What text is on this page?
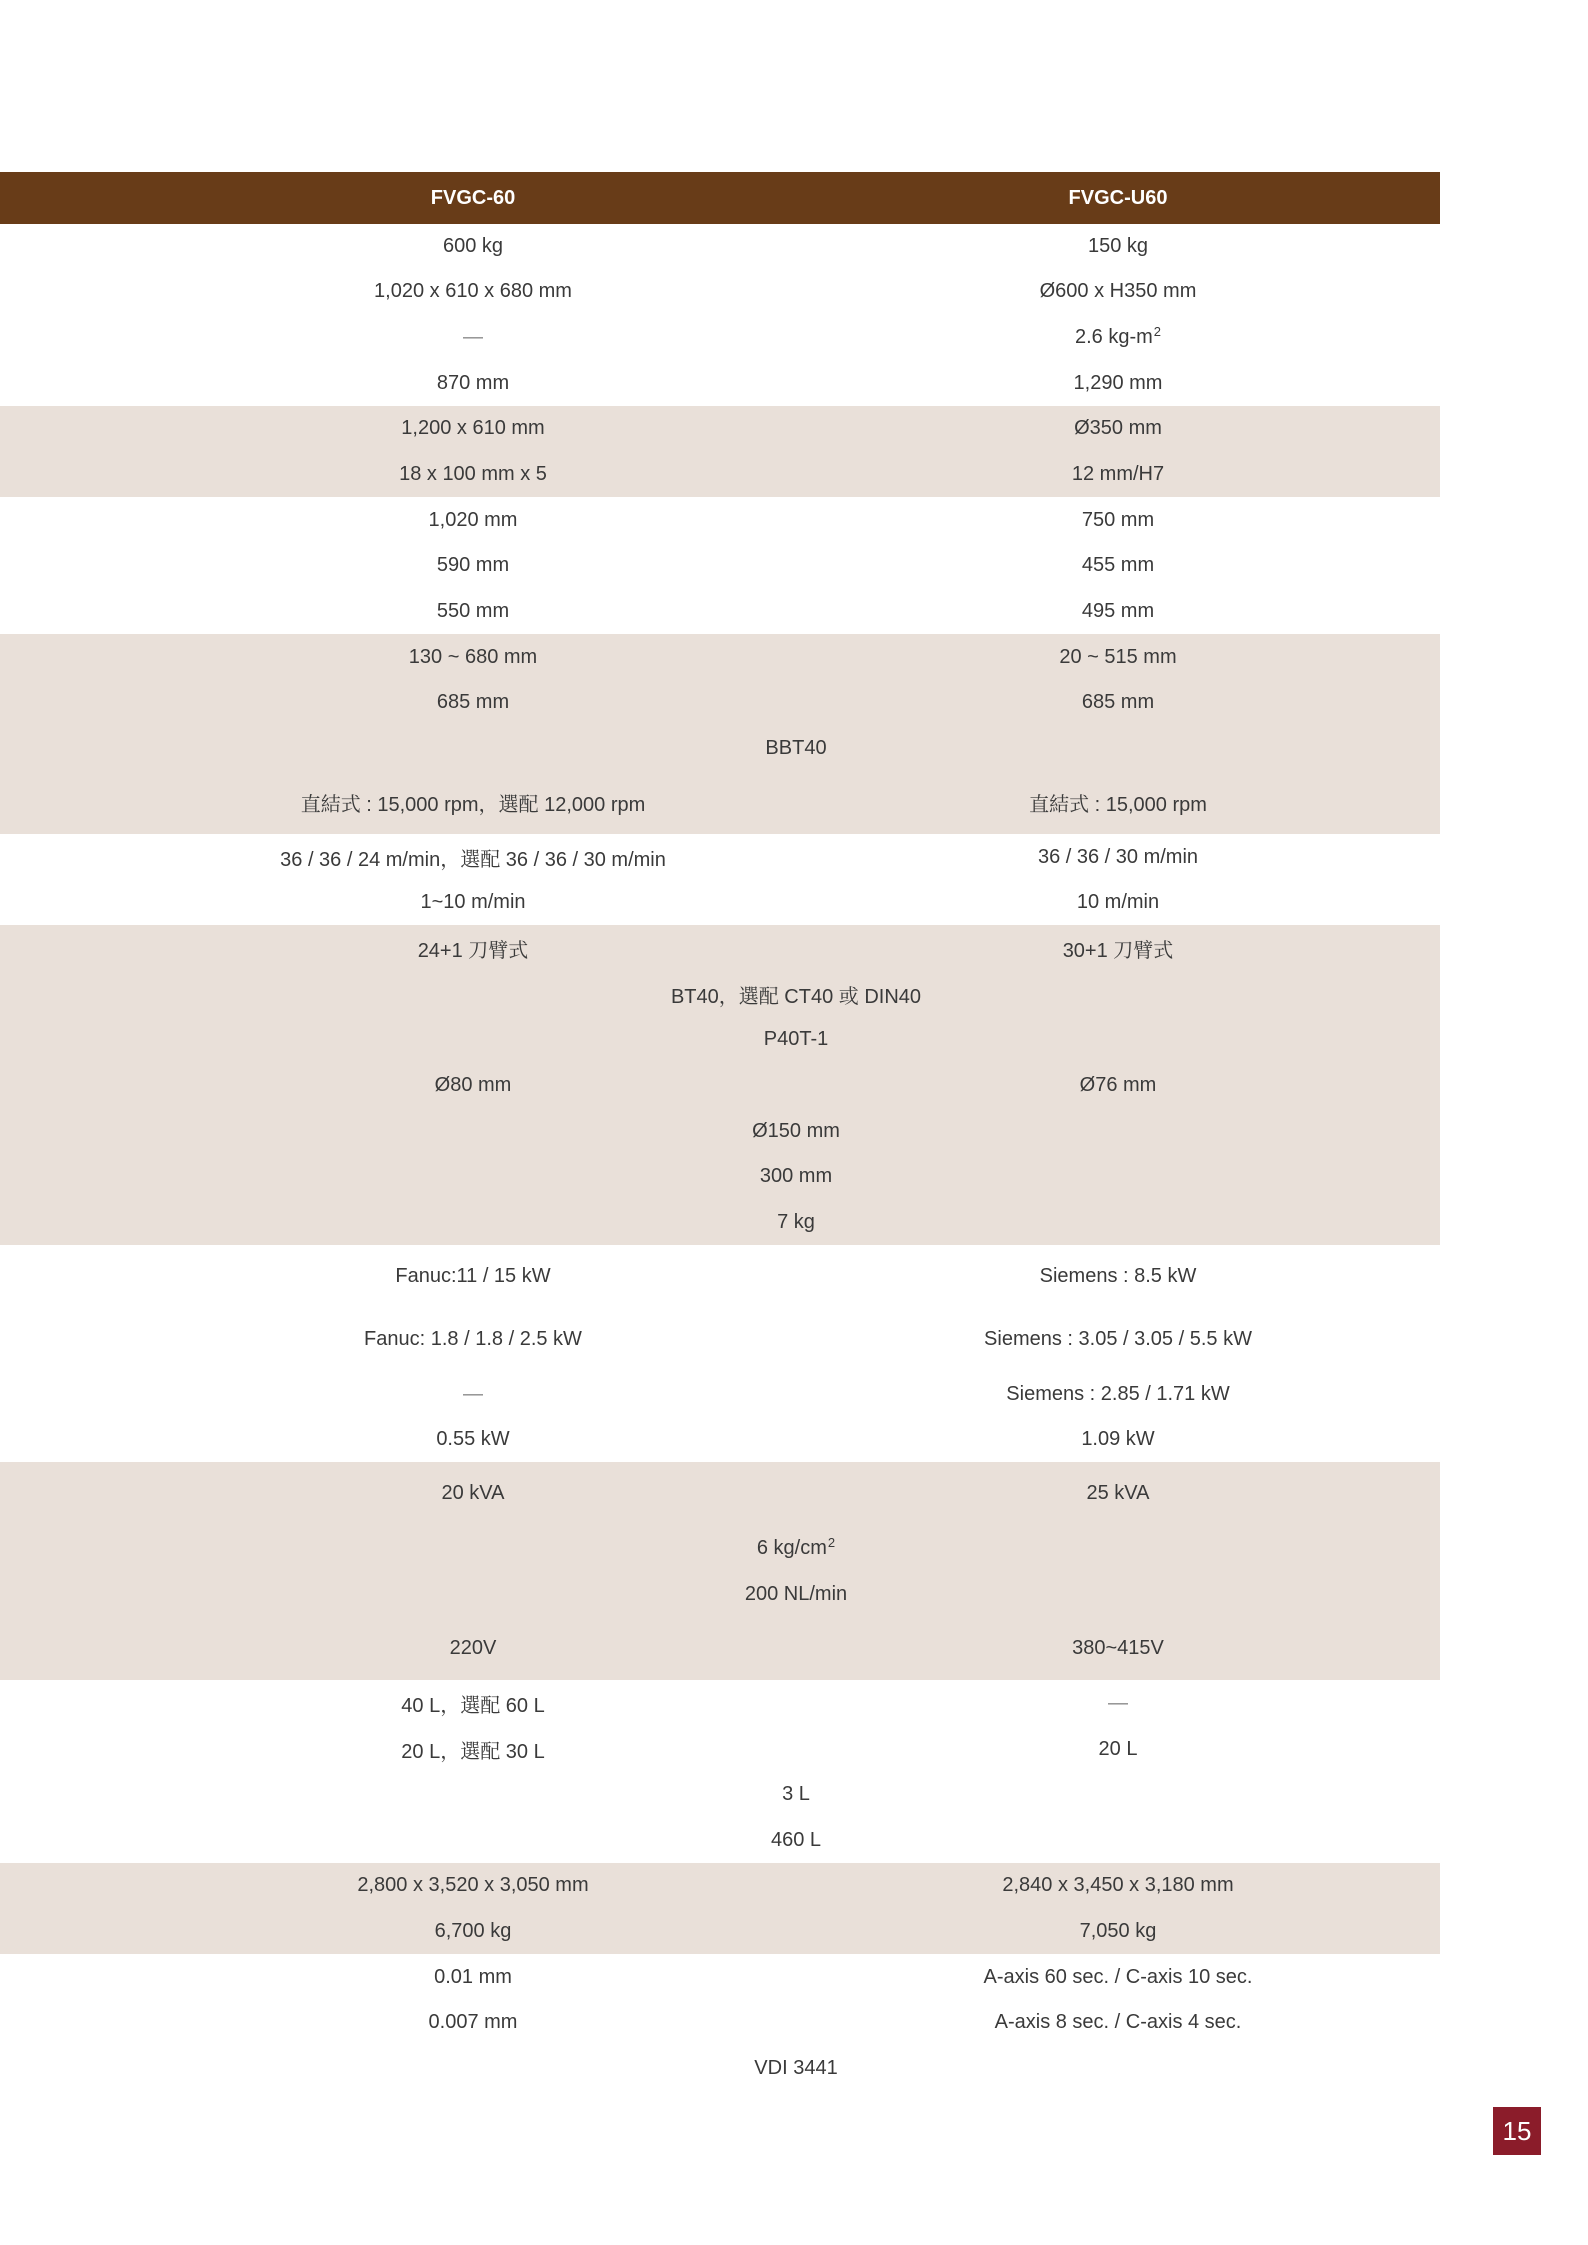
FVGC-60	FVGC-U60
600 kg	150 kg
1,020 x 610 x 680 mm	Ø600 x H350 mm
—	2.6 $kg-m^2$
870 mm	1,290 mm
1,200 x 610 mm	Ø350 mm
18 x 100 mm x 5	12 mm/H7
1,020 mm	750 mm
590 mm	455 mm
550 mm	495 mm
130 ~ 680 mm	20 ~ 515 mm
685 mm	685 mm
BBT40
直結式 : 15,000 rpm，選配 12,000 rpm	直結式 : 15,000 rpm
36 / 36 / 24 m/min，選配 36 / 36 / 30 m/min	36 / 36 / 30 m/min
1~10 m/min	10 m/min
24+1 刀臂式	30+1 刀臂式
BT40，選配 CT40 或 DIN40
P40T-1
Ø80 mm	Ø76 mm
Ø150 mm
300 mm
7 kg
Fanuc:11 / 15 kW	Siemens : 8.5 kW
Fanuc: 1.8 / 1.8 / 2.5 kW	Siemens : 3.05 / 3.05 / 5.5 kW
—	Siemens : 2.85 / 1.71 kW
0.55 kW	1.09 kW
20 kVA	25 kVA
6 $kg/cm^2$
200 NL/min
220V	380~415V
40 L，選配 60 L	—
20 L，選配 30 L	20 L
3 L
460 L
2,800 x 3,520 x 3,050 mm	2,840 x 3,450 x 3,180 mm
6,700 kg	7,050 kg
0.01 mm	A-axis 60 sec. / C-axis 10 sec.
0.007 mm	A-axis 8 sec. / C-axis 4 sec.
VDI 3441
15
